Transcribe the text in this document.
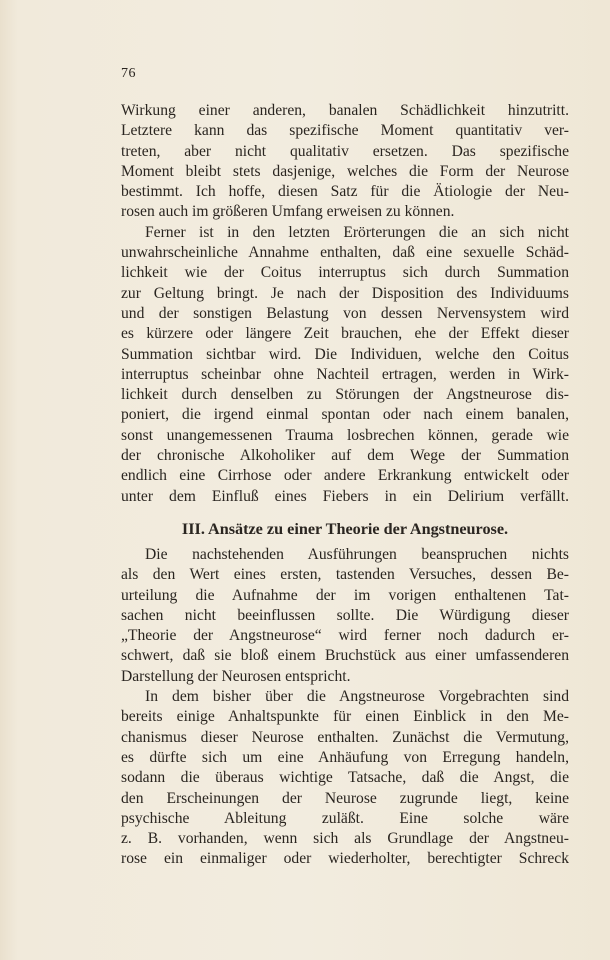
76
Wirkung einer anderen, banalen Schädlichkeit hinzutritt.
Letztere kann das spezifische Moment quantitativ ver-
treten, aber nicht qualitativ ersetzen. Das spezifische
Moment bleibt stets dasjenige, welches die Form der Neurose
bestimmt. Ich hoffe, diesen Satz für die Ätiologie der Neu-
rosen auch im größeren Umfang erweisen zu können.
Ferner ist in den letzten Erörterungen die an sich nicht
unwahrscheinliche Annahme enthalten, daß eine sexuelle Schäd-
lichkeit wie der Coitus interruptus sich durch Summation
zur Geltung bringt. Je nach der Disposition des Individuums
und der sonstigen Belastung von dessen Nervensystem wird
es kürzere oder längere Zeit brauchen, ehe der Effekt dieser
Summation sichtbar wird. Die Individuen, welche den Coitus
interruptus scheinbar ohne Nachteil ertragen, werden in Wirk-
lichkeit durch denselben zu Störungen der Angstneurose dis-
poniert, die irgend einmal spontan oder nach einem banalen,
sonst unangemessenen Trauma losbrechen können, gerade wie
der chronische Alkoholiker auf dem Wege der Summation
endlich eine Cirrhose oder andere Erkrankung entwickelt oder
unter dem Einfluß eines Fiebers in ein Delirium verfällt.
III. Ansätze zu einer Theorie der Angstneurose.
Die nachstehenden Ausführungen beanspruchen nichts
als den Wert eines ersten, tastenden Versuches, dessen Be-
urteilung die Aufnahme der im vorigen enthaltenen Tat-
sachen nicht beeinflussen sollte. Die Würdigung dieser
„Theorie der Angstneurose“ wird ferner noch dadurch er-
schwert, daß sie bloß einem Bruchstück aus einer umfassenderen
Darstellung der Neurosen entspricht.
In dem bisher über die Angstneurose Vorgebrachten sind
bereits einige Anhaltspunkte für einen Einblick in den Me-
chanismus dieser Neurose enthalten. Zunächst die Vermutung,
es dürfte sich um eine Anhäufung von Erregung handeln,
sodann die überaus wichtige Tatsache, daß die Angst, die
den Erscheinungen der Neurose zugrunde liegt, keine
psychische Ableitung zuläßt. Eine solche wäre
z. B. vorhanden, wenn sich als Grundlage der Angstneu-
rose ein einmaliger oder wiederholter, berechtigter Schreck
